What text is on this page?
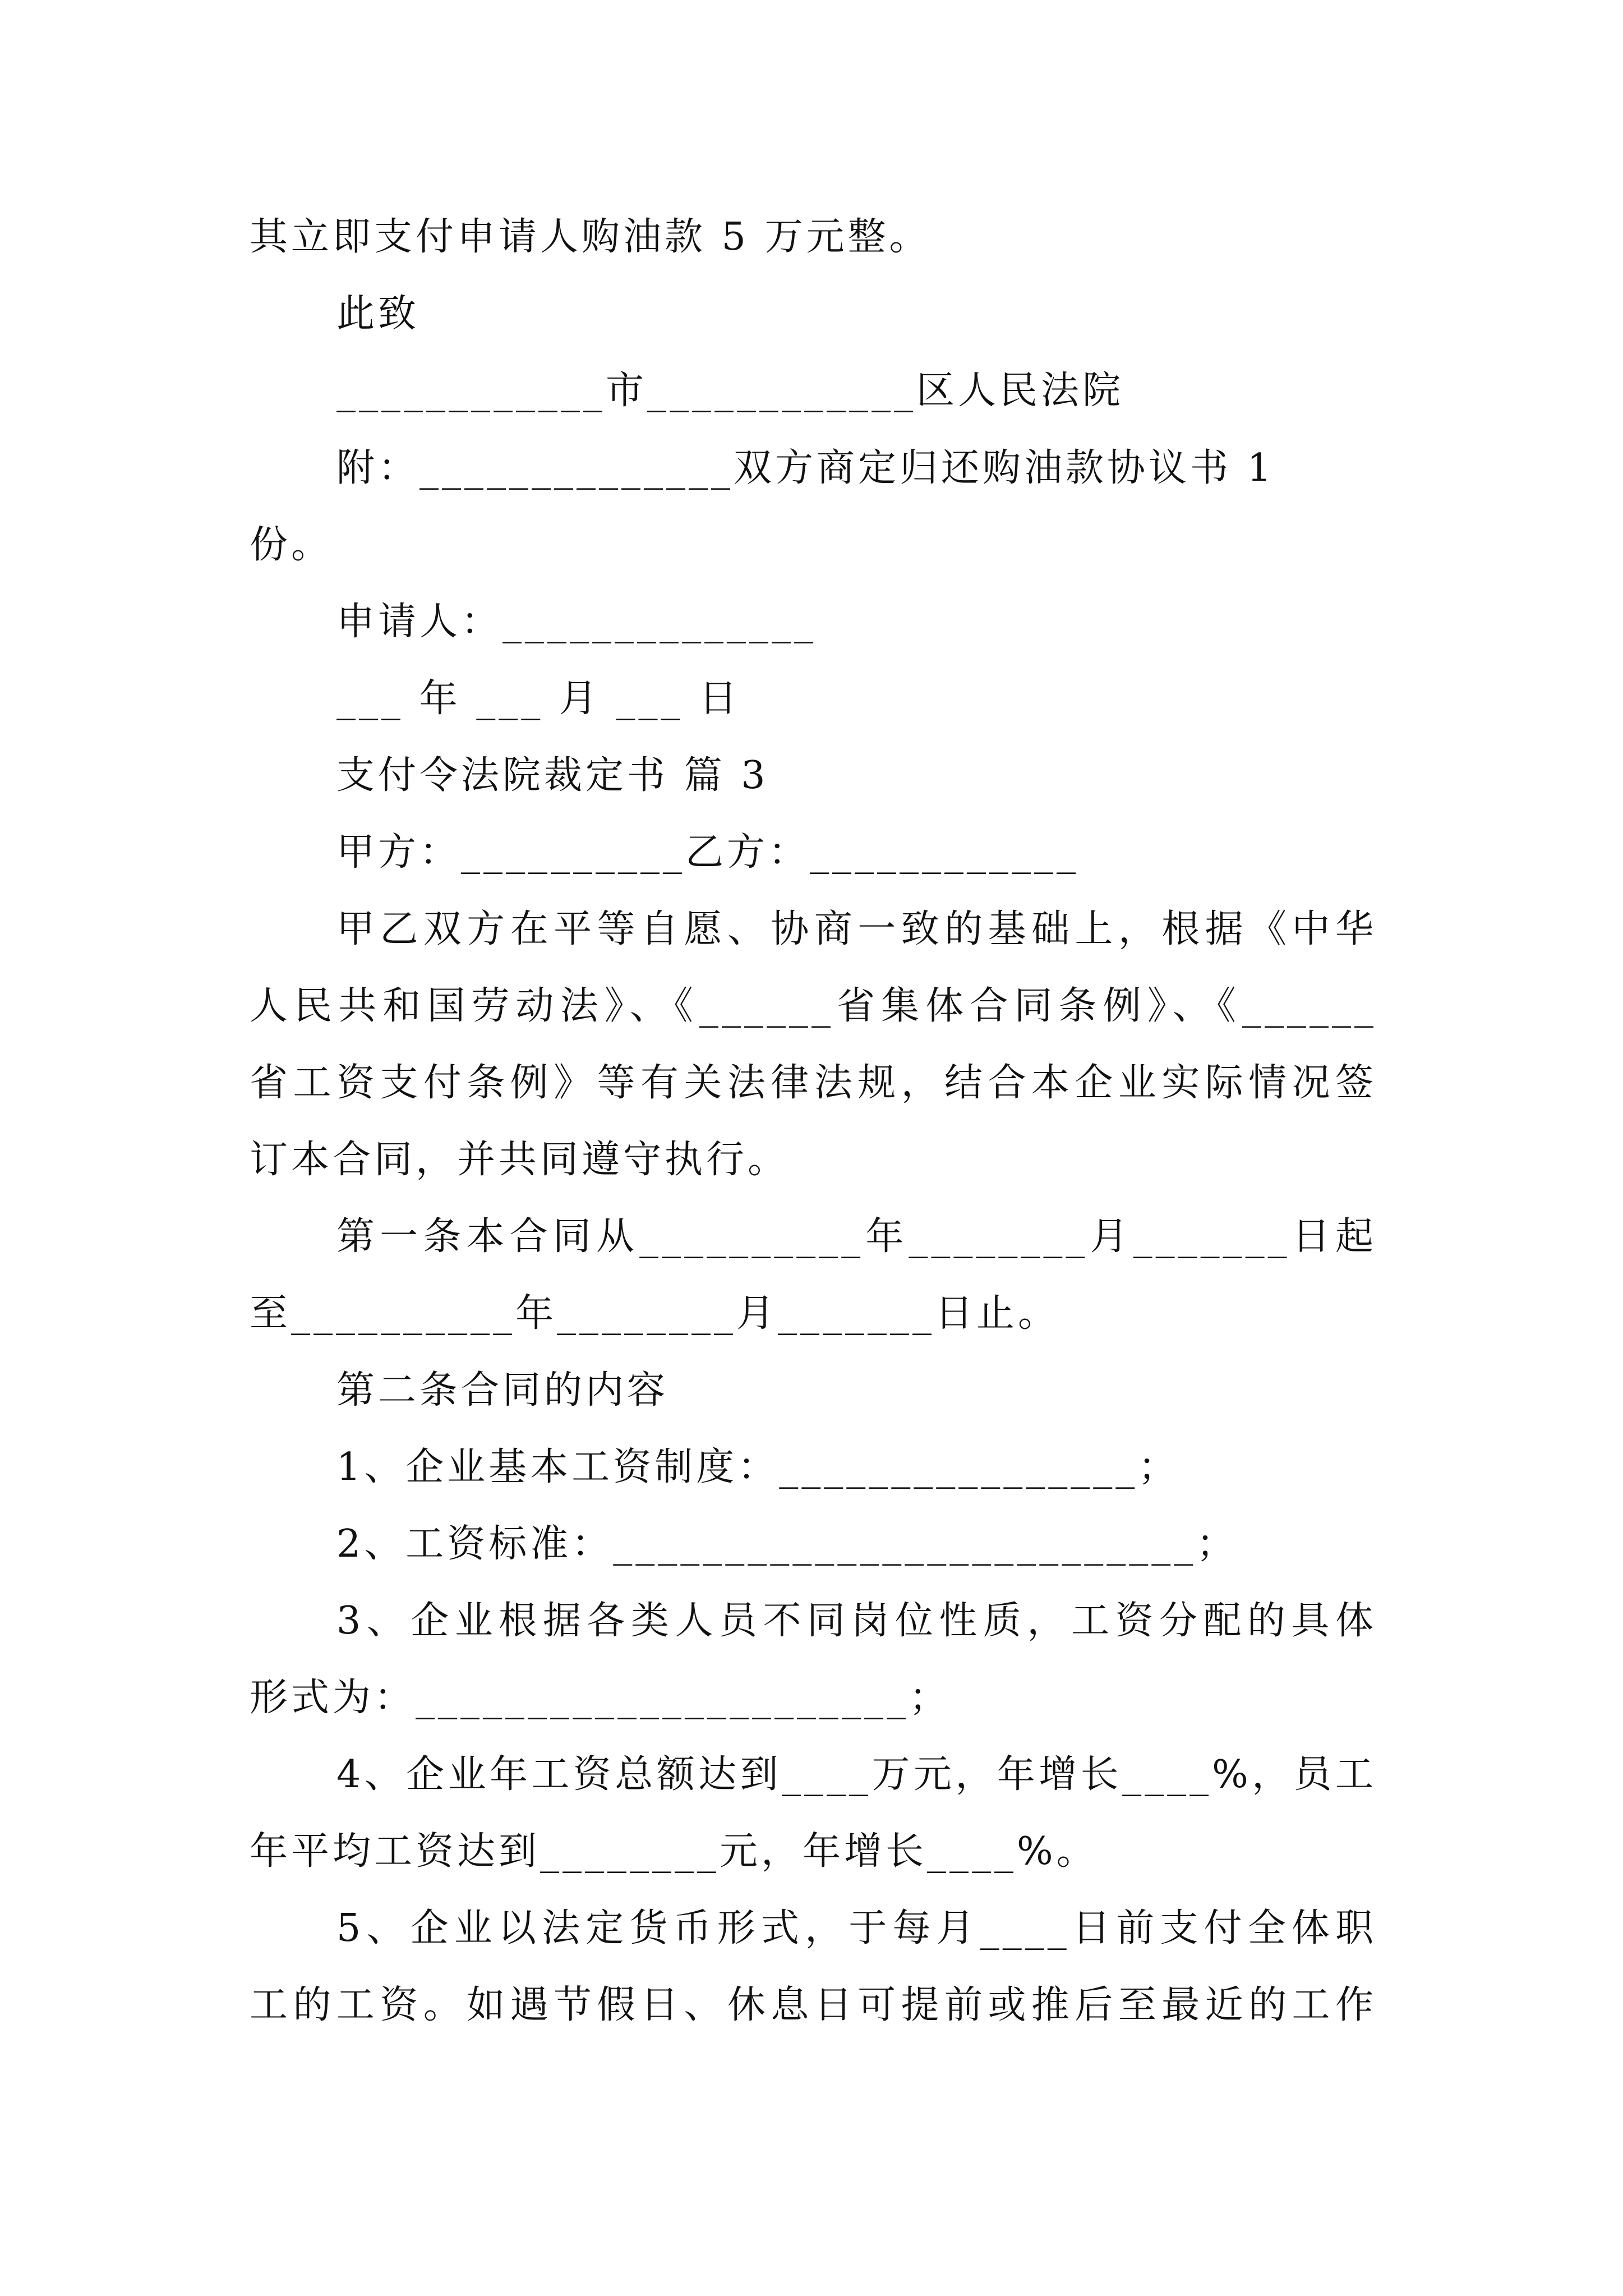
其立即支付申请人购油款 5 万元整。
此致
____________市____________区人民法院
附：______________双方商定归还购油款协议书 1
份。
申请人：______________
___ 年 ___ 月 ___ 日
支付令法院裁定书 篇 3
甲方：__________乙方：____________
甲乙双方在平等自愿、协商一致的基础上，根据《中华
人民共和国劳动法》、《______省集体合同条例》、《______
省工资支付条例》等有关法律法规，结合本企业实际情况签
订本合同，并共同遵守执行。
第一条本合同从__________年________月_______日起
至__________年________月_______日止。
第二条合同的内容
1、企业基本工资制度：________________；
2、工资标准：__________________________；
3、企业根据各类人员不同岗位性质，工资分配的具体
形式为：______________________；
4、企业年工资总额达到____万元，年增长____%，员工
年平均工资达到________元，年增长____%。
5、企业以法定货币形式，于每月____日前支付全体职
工的工资。如遇节假日、休息日可提前或推后至最近的工作
